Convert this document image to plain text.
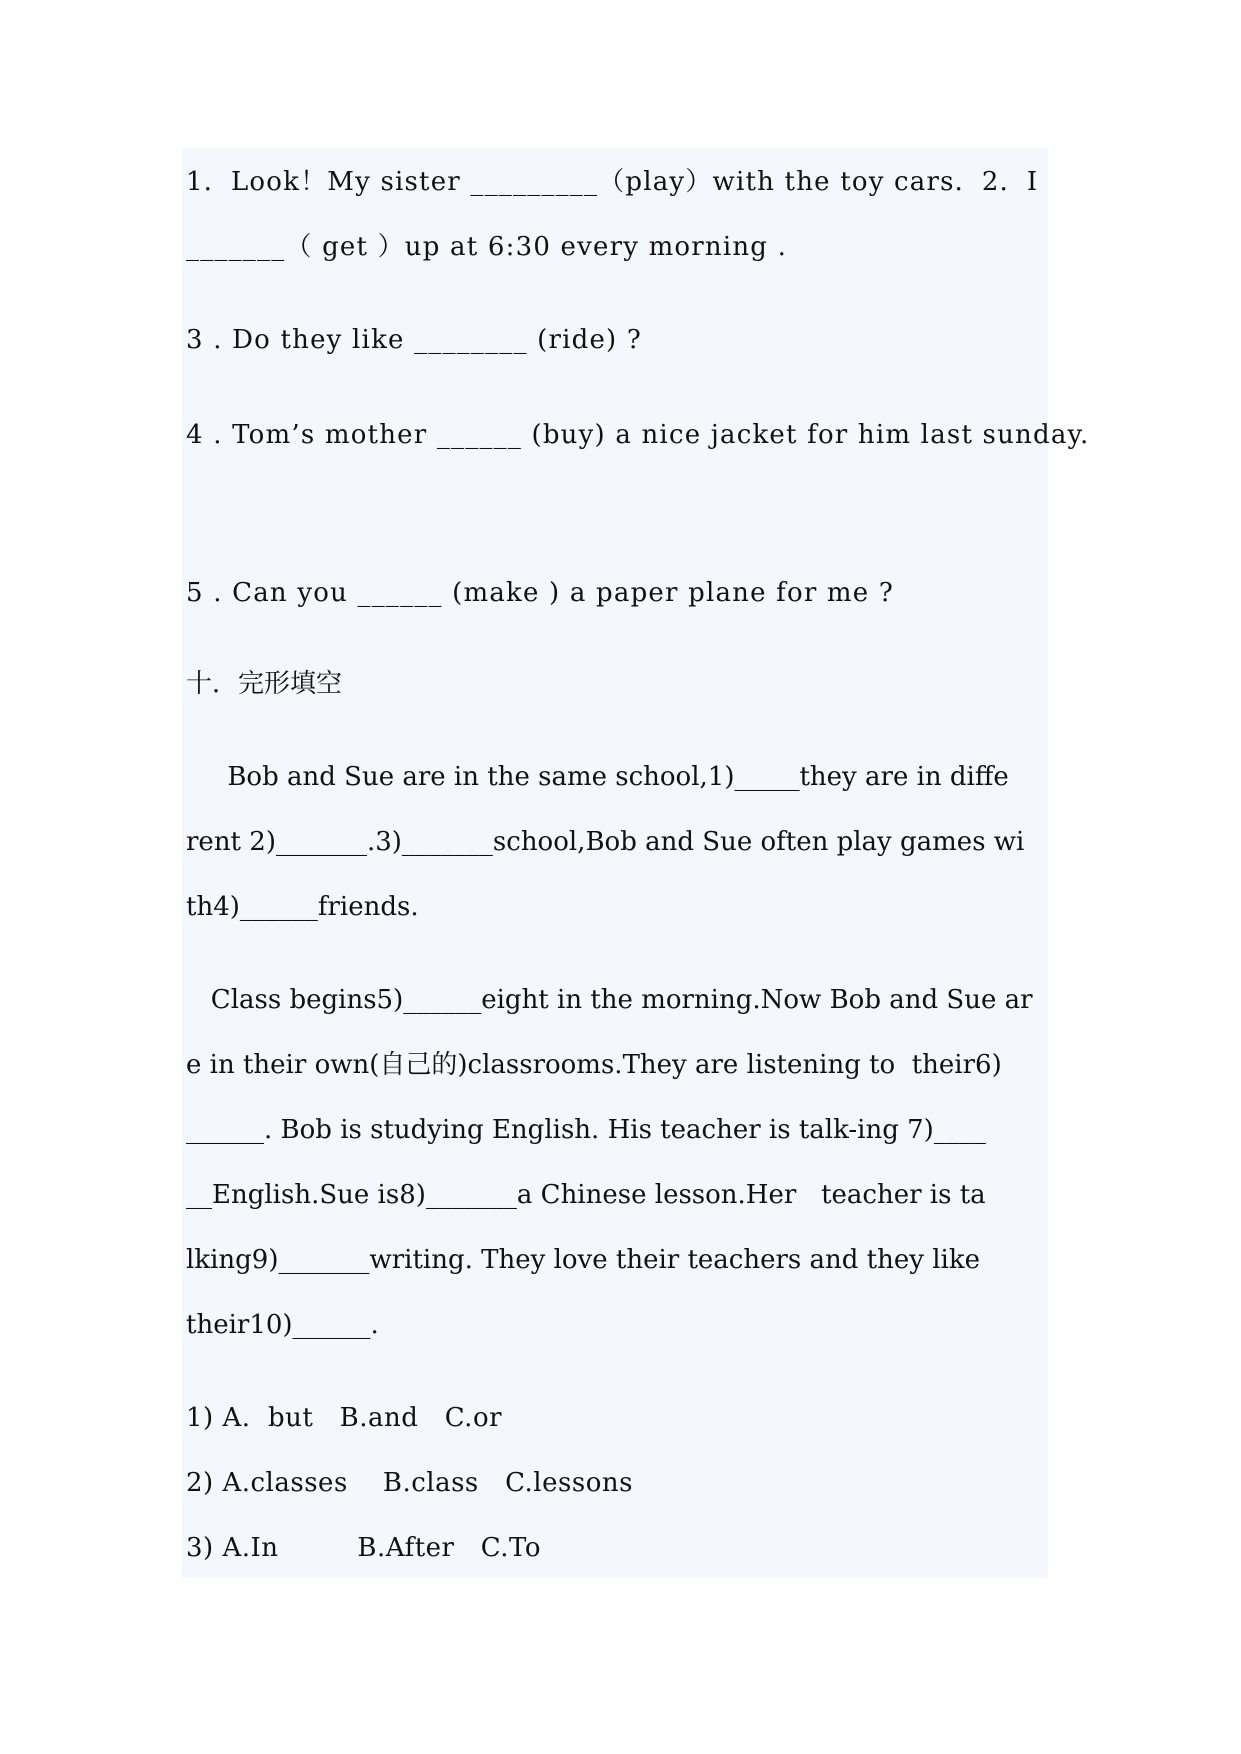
1．Look！My sister _________（play）with the toy cars．2．I
_______（ get ）up at 6:30 every morning .
3 . Do they like ________ (ride) ?
4 . Tom’s mother ______ (buy) a nice jacket for him last sunday.
5 . Can you ______ (make ) a paper plane for me ?
十．完形填空
Bob and Sue are in the same school,1)_____they are in diffe
rent 2)_______.3)_______school,Bob and Sue often play games wi
th4)______friends.
Class begins5)______eight in the morning.Now Bob and Sue ar
e in their own(自己的)classrooms.They are listening to  their6)
______. Bob is studying English. His teacher is talk-ing 7)____
__English.Sue is8)_______a Chinese lesson.Her   teacher is ta
lking9)_______writing. They love their teachers and they like
their10)______.
1) A.  but   B.and   C.or
2) A.classes    B.class   C.lessons
3) A.In         B.After   C.To
